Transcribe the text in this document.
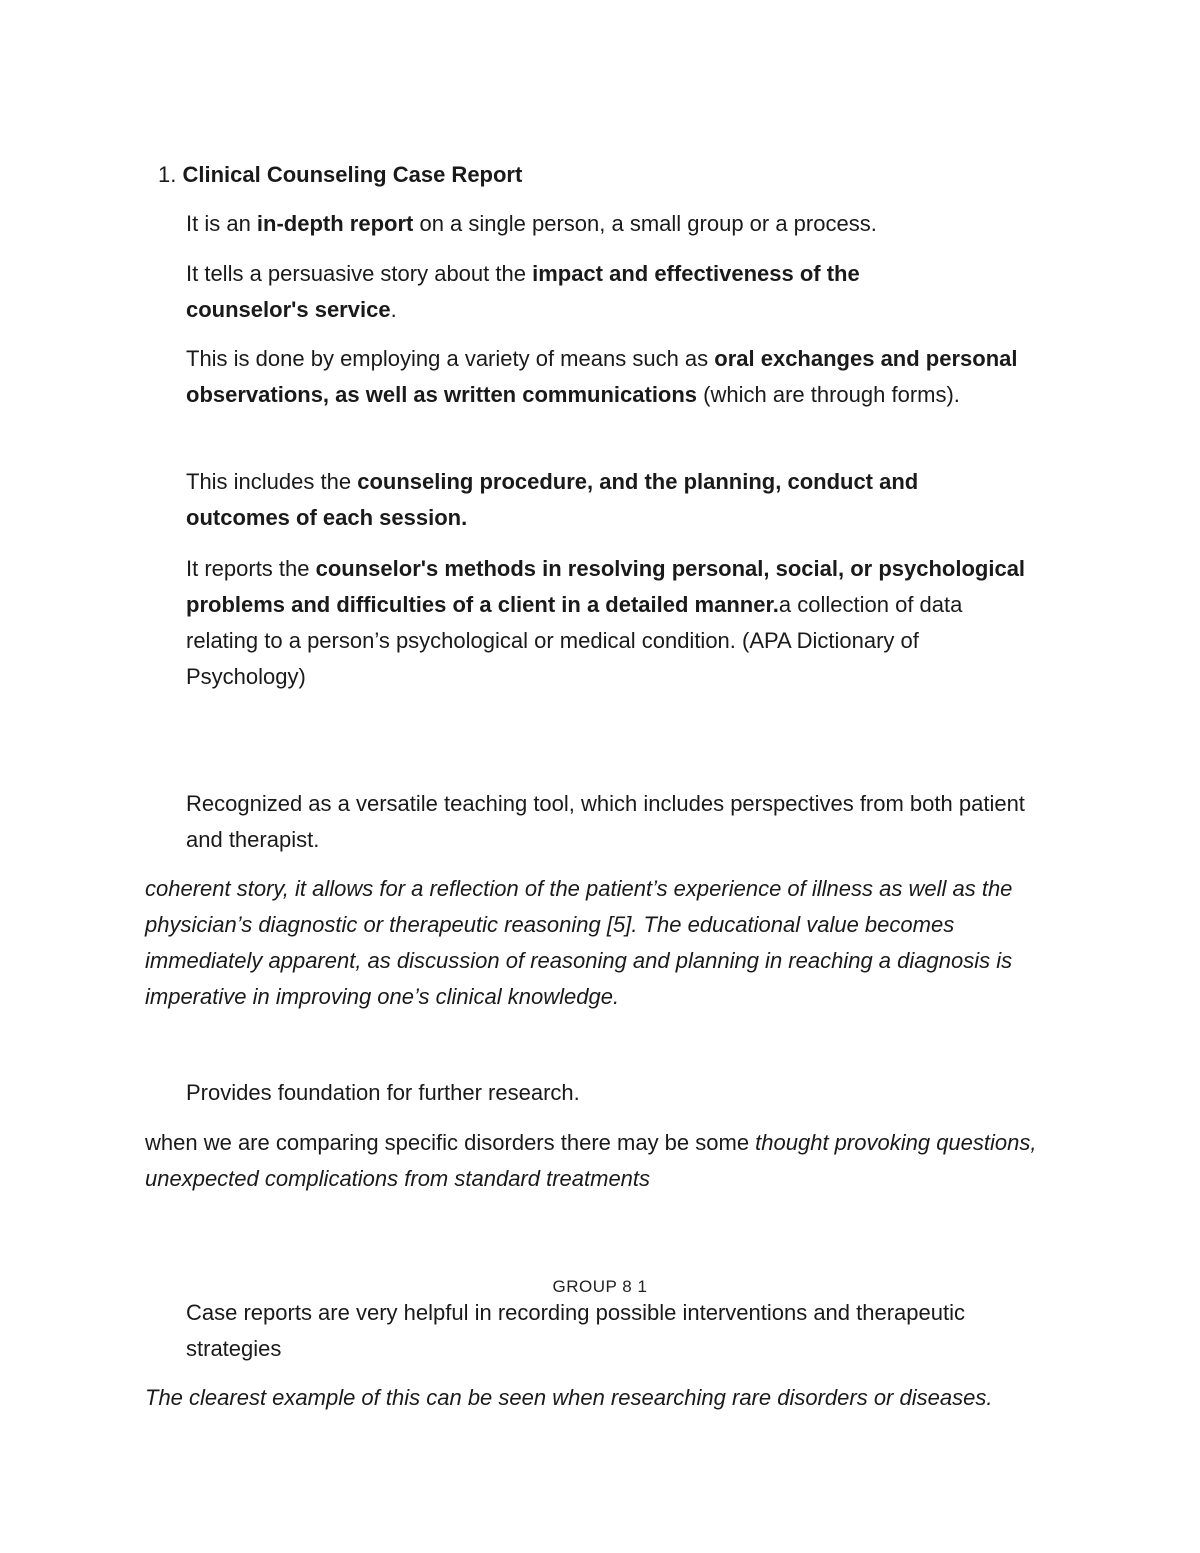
1. Clinical Counseling Case Report

It is an in-depth report on a single person, a small group or a process.

It tells a persuasive story about the impact and effectiveness of the counselor's service.

This is done by employing a variety of means such as oral exchanges and personal observations, as well as written communications (which are through forms).

This includes the counseling procedure, and the planning, conduct and outcomes of each session.

It reports the counselor's methods in resolving personal, social, or psychological problems and difficulties of a client in a detailed manner.a collection of data relating to a person’s psychological or medical condition. (APA Dictionary of Psychology)

Recognized as a versatile teaching tool, which includes perspectives from both patient and therapist.

coherent story, it allows for a reflection of the patient’s experience of illness as well as the physician’s diagnostic or therapeutic reasoning [5]. The educational value becomes immediately apparent, as discussion of reasoning and planning in reaching a diagnosis is imperative in improving one’s clinical knowledge.

Provides foundation for further research.

when we are comparing specific disorders there may be some thought provoking questions, unexpected complications from standard treatments

GROUP 8 1

Case reports are very helpful in recording possible interventions and therapeutic strategies

The clearest example of this can be seen when researching rare disorders or diseases.
